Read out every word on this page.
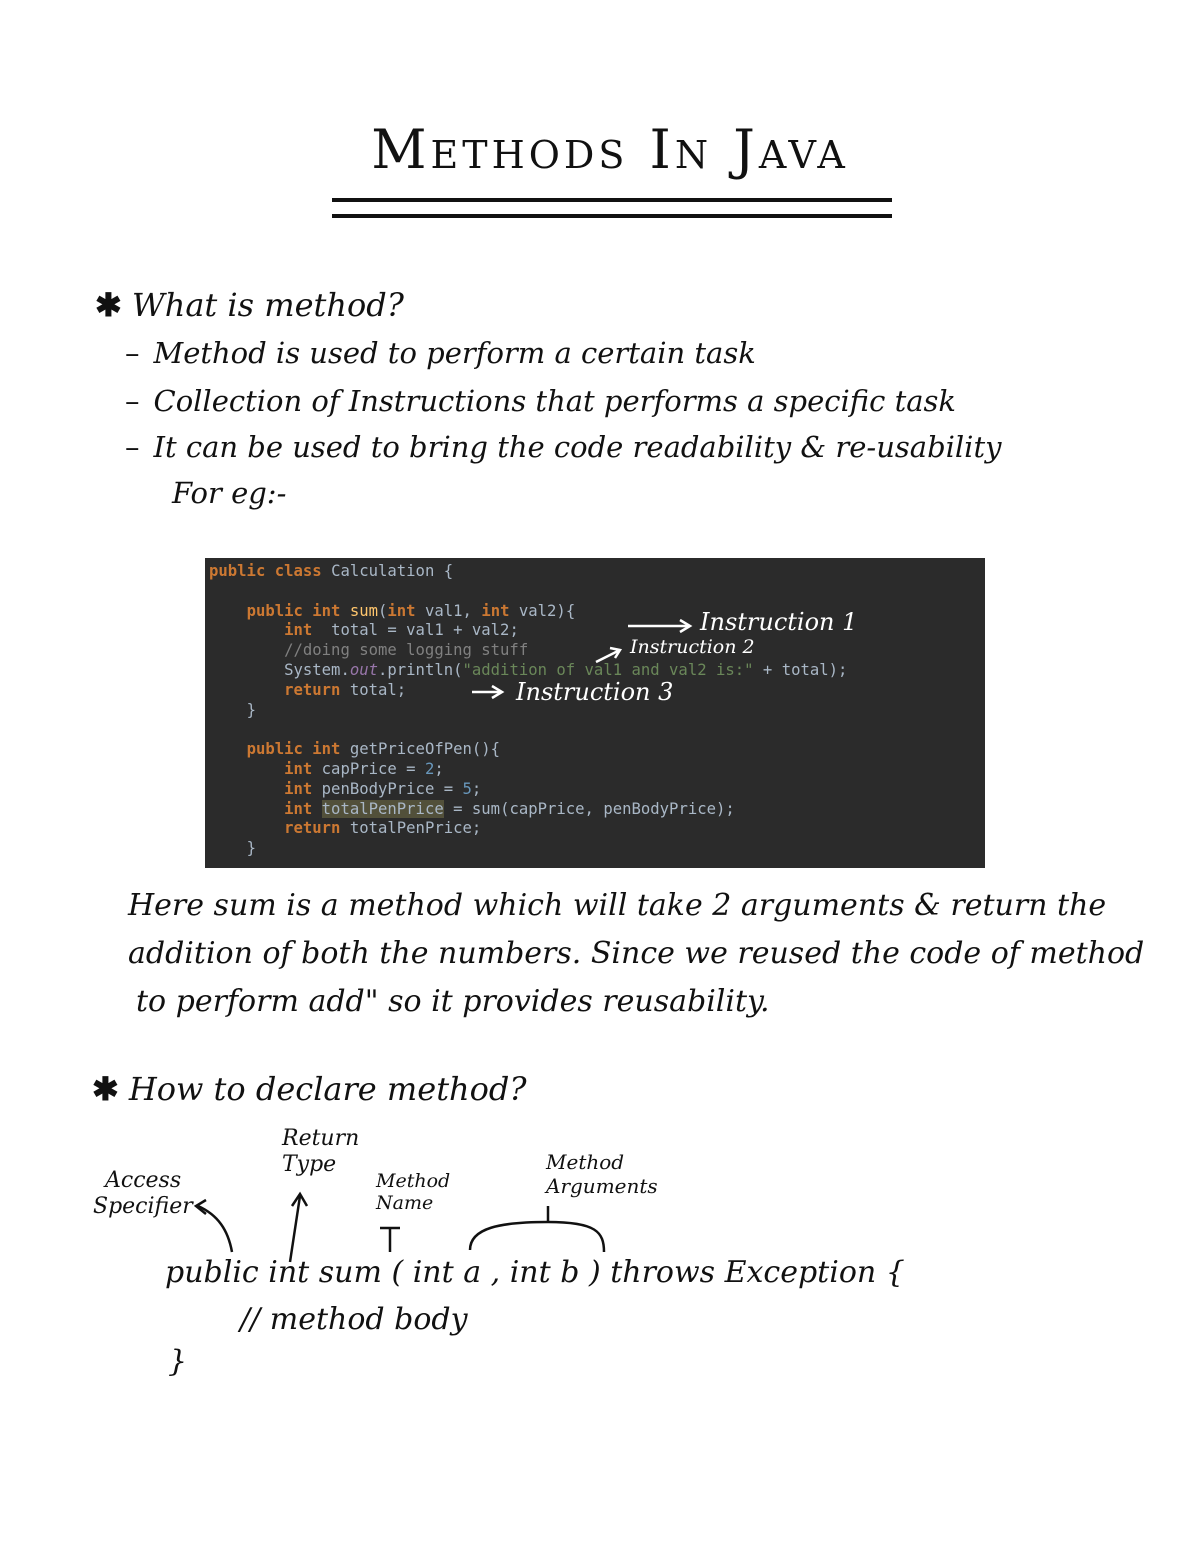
Methods In Java
✱ What is method?
– Method is used to perform a certain task
– Collection of Instructions that performs a specific task
– It can be used to bring the code readability & re-usability
For eg:-
public class Calculation {

public int sum(int val1, int val2){
int total = val1 + val2;
//doing some logging stuff
System.out.println("addition of val1 and val2 is:" + total);
return total;
}

public int getPriceOfPen(){
int capPrice = 2;
int penBodyPrice = 5;
int totalPenPrice = sum(capPrice, penBodyPrice);
return totalPenPrice;
}
Instruction 1
Instruction 2
Instruction 3
Here sum is a method which will take 2 arguments & return the
addition of both the numbers. Since we reused the code of method
to perform add" so it provides reusability.
✱ How to declare method?
Access
Specifier
Return
Type
Method
Name
Method
Arguments
public int sum ( int a , int b ) throws Exception {
// method body
}
